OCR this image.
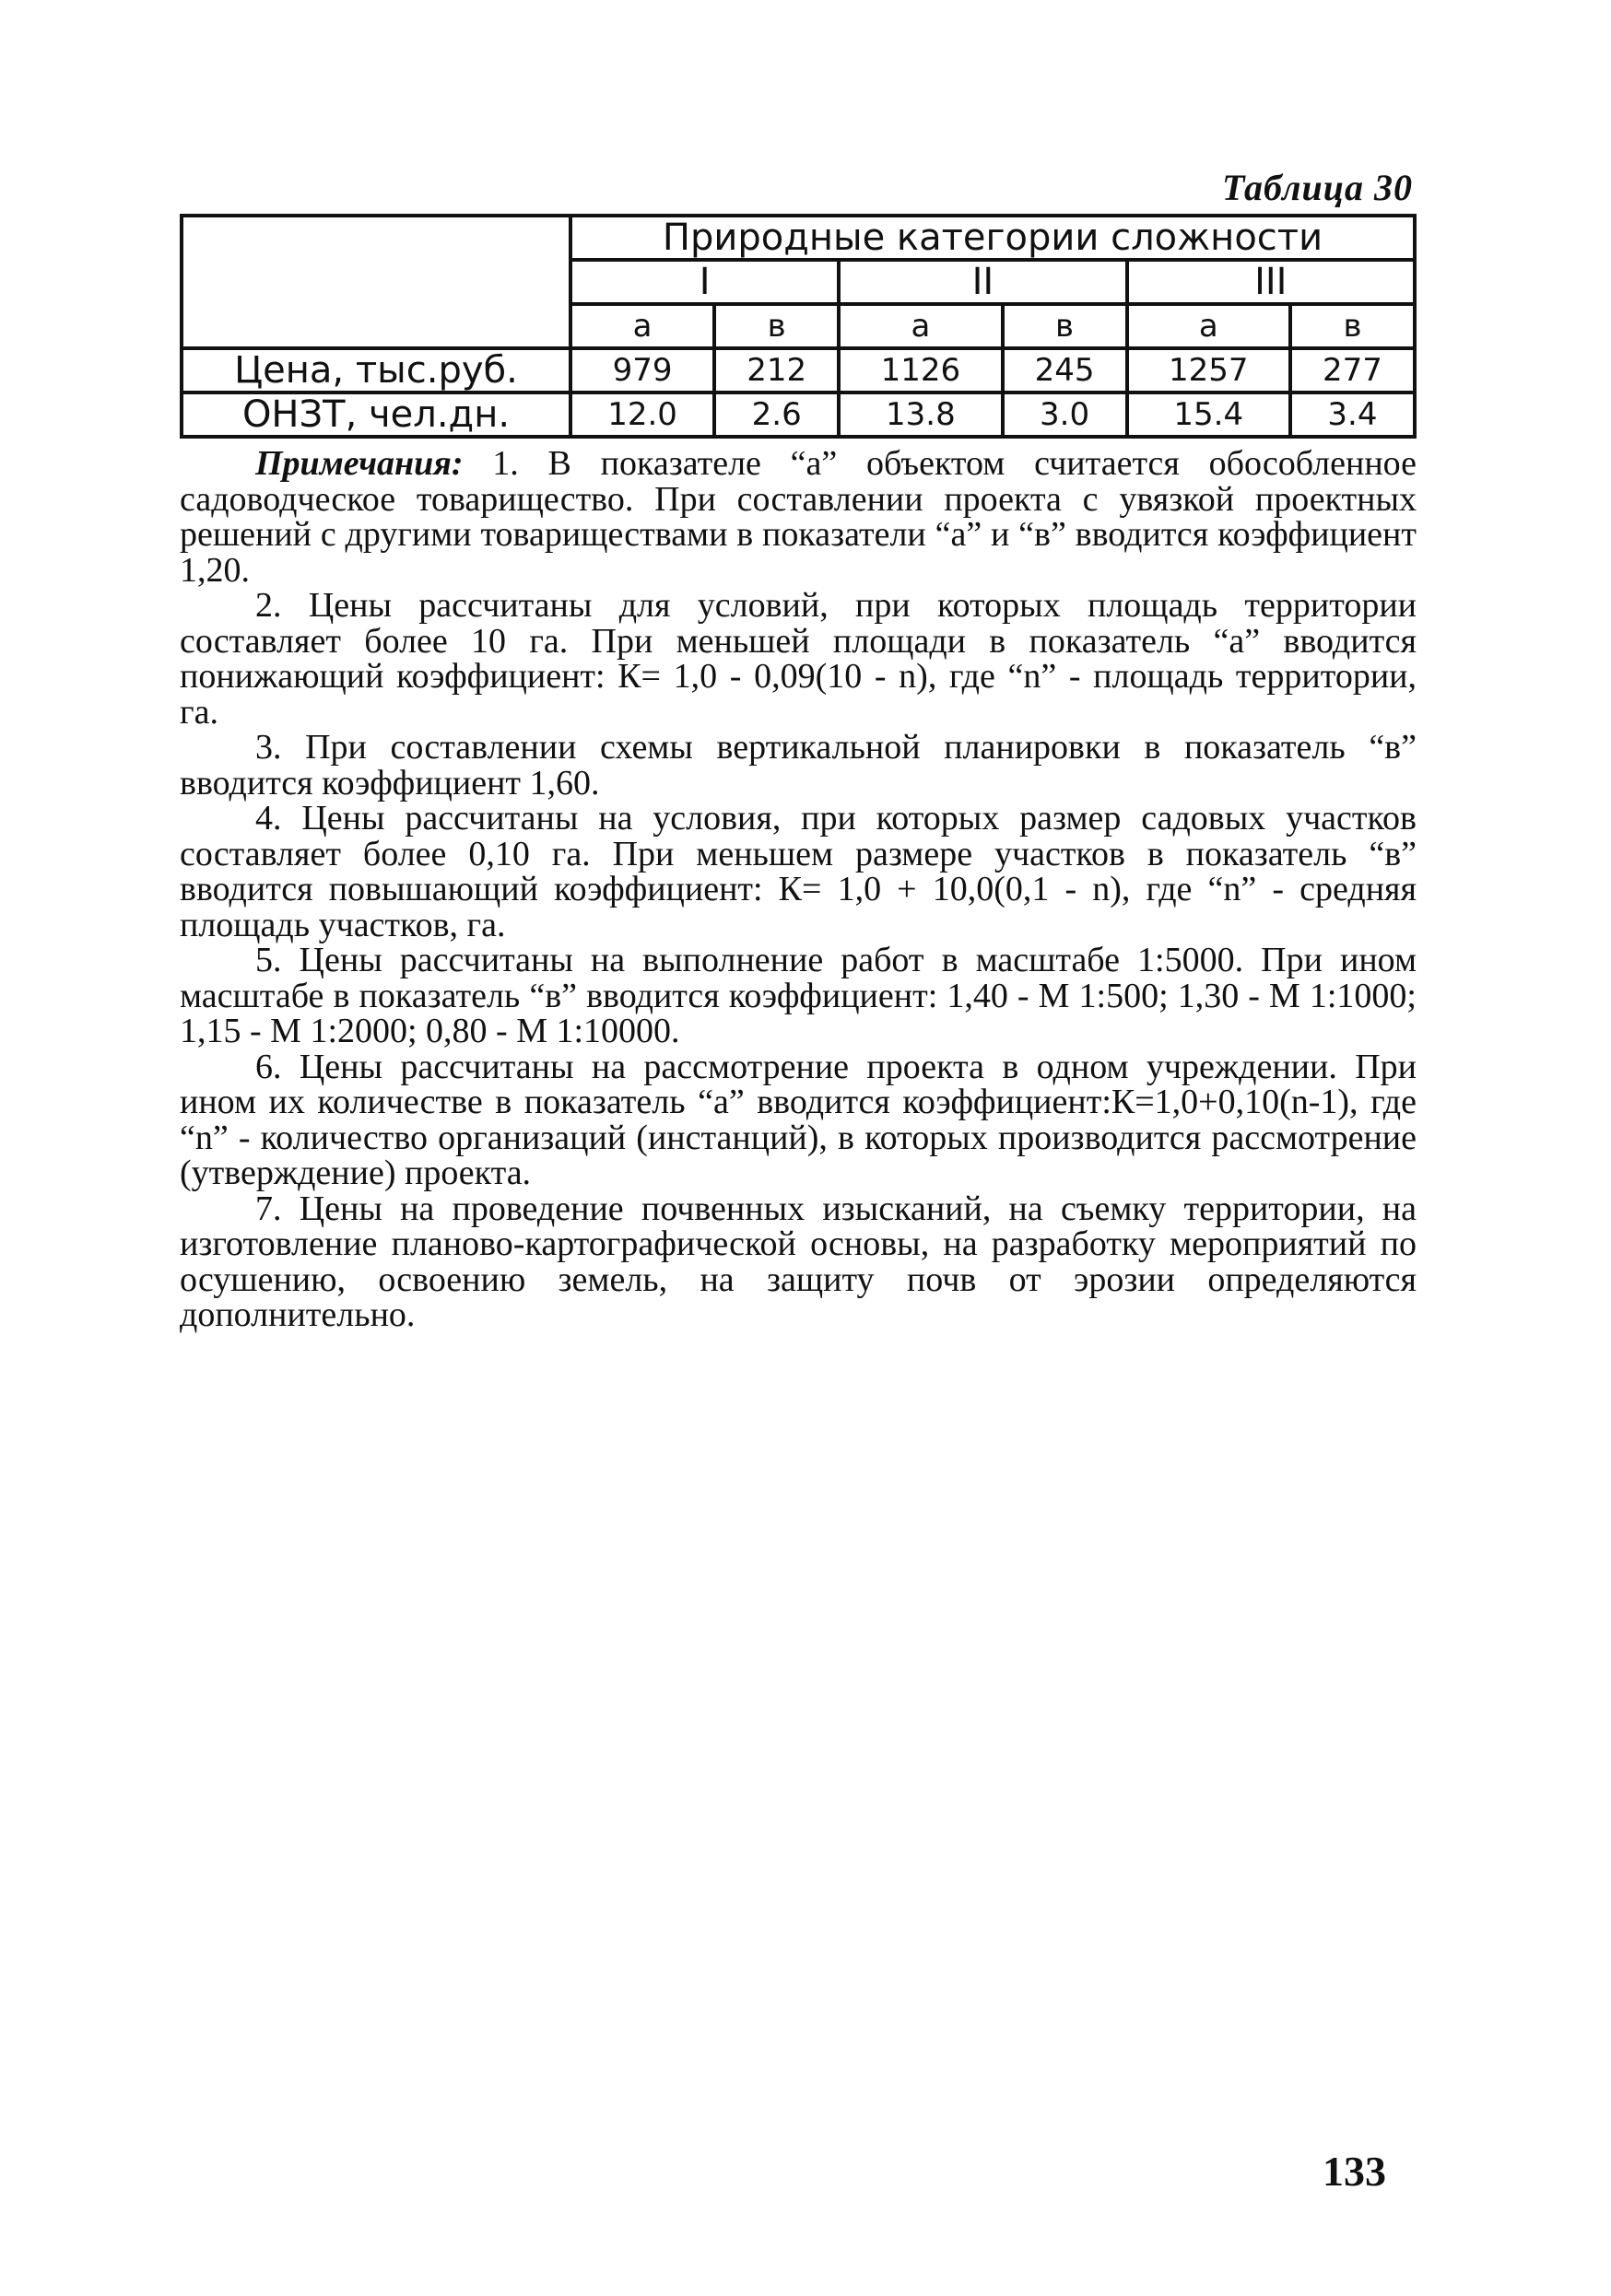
Таблица 30
	Природные категории сложности					
	I		II		III	
	а	в	а	в	а	в
Цена, тыс.руб.	979	212	1126	245	1257	277
ОНЗТ, чел.дн.	12.0	2.6	13.8	3.0	15.4	3.4

Примечания: 1. В показателе “а” объектом считается обособленное садоводческое товарищество. При составлении проекта с увязкой проектных решений с другими товариществами в показатели “а” и “в” вводится коэффициент 1,20.

2. Цены рассчитаны для условий, при которых площадь территории составляет более 10 га. При меньшей площади в показатель “а” вводится понижающий коэффициент: К= 1,0 - 0,09(10 - n), где “n” - площадь территории, га.

3. При составлении схемы вертикальной планировки в показатель “в” вводится коэффициент 1,60.

4. Цены рассчитаны на условия, при которых размер садовых участков составляет более 0,10 га. При меньшем размере участков в показатель “в” вводится повышающий коэффициент: К= 1,0 + 10,0(0,1 - n), где “n” - средняя площадь участков, га.

5. Цены рассчитаны на выполнение работ в масштабе 1:5000. При ином масштабе в показатель “в” вводится коэффициент: 1,40 - М 1:500; 1,30 - М 1:1000; 1,15 - М 1:2000; 0,80 - М 1:10000.

6. Цены рассчитаны на рассмотрение проекта в одном учреждении. При ином их количестве в показатель “а” вводится коэффициент:К=1,0+0,10(n-1), где “n” - количество организаций (инстанций), в которых производится рассмотрение (утверждение) проекта.

7. Цены на проведение почвенных изысканий, на съемку территории, на изготовление планово-картографической основы, на разработку мероприятий по осушению, освоению земель, на защиту почв от эрозии определяются дополнительно.

133
